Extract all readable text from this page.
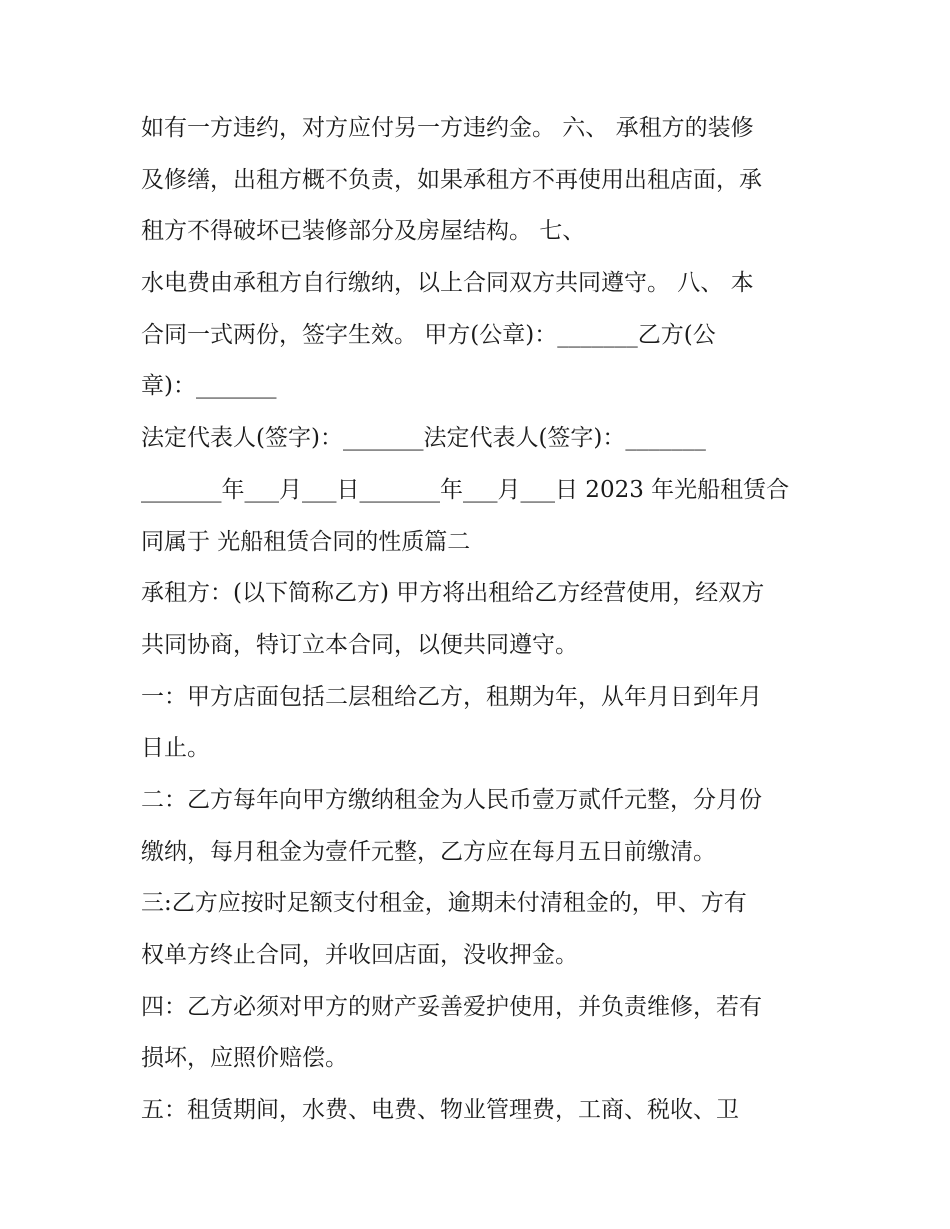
如有一方违约，对方应付另一方违约金。 六、 承租方的装修
及修缮，出租方概不负责，如果承租方不再使用出租店面，承
租方不得破坏已装修部分及房屋结构。 七、
水电费由承租方自行缴纳，以上合同双方共同遵守。 八、 本
合同一式两份，签字生效。 甲方(公章)：_______乙方(公
章)：_______
法定代表人(签字)：_______法定代表人(签字)：_______
_______年___月___日_______年___月___日 2023 年光船租赁合
同属于 光船租赁合同的性质篇二
承租方：(以下简称乙方) 甲方将出租给乙方经营使用，经双方
共同协商，特订立本合同，以便共同遵守。
一：甲方店面包括二层租给乙方，租期为年，从年月日到年月
日止。
二：乙方每年向甲方缴纳租金为人民币壹万贰仟元整，分月份
缴纳，每月租金为壹仟元整，乙方应在每月五日前缴清。
三:乙方应按时足额支付租金，逾期未付清租金的，甲、方有
权单方终止合同，并收回店面，没收押金。
四：乙方必须对甲方的财产妥善爱护使用，并负责维修，若有
损坏，应照价赔偿。
五：租赁期间，水费、电费、物业管理费，工商、税收、卫
